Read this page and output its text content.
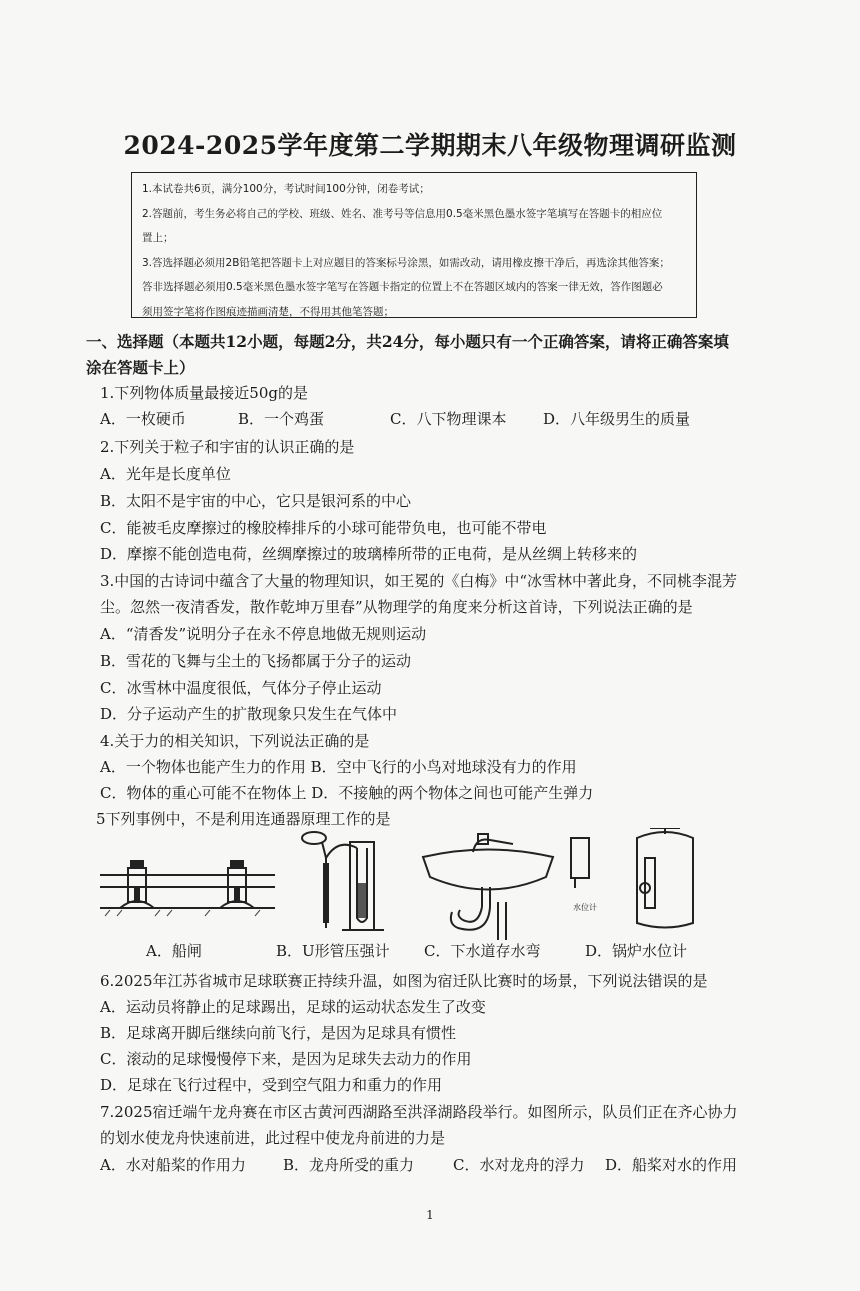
2024-2025学年度第二学期期末八年级物理调研监测
1.本试卷共6页，满分100分，考试时间100分钟，闭卷考试；
2.答题前，考生务必将自己的学校、班级、姓名、准考号等信息用0.5毫米黑色墨水签字笔填写在答题卡的相应位
置上；
3.答选择题必须用2B铅笔把答题卡上对应题目的答案标号涂黑，如需改动，请用橡皮擦干净后，再选涂其他答案；
答非选择题必须用0.5毫米黑色墨水签字笔写在答题卡指定的位置上不在答题区域内的答案一律无效，答作图题必
须用签字笔将作图痕迹描画清楚，不得用其他笔答题；
一、选择题（本题共12小题，每题2分，共24分，每小题只有一个正确答案，请将正确答案填
涂在答题卡上）
1.下列物体质量最接近50g的是
A．一枚硬币	B．一个鸡蛋	C．八下物理课本 D．八年级男生的质量
2.下列关于粒子和宇宙的认识正确的是
A．光年是长度单位
B．太阳不是宇宙的中心，它只是银河系的中心
C．能被毛皮摩擦过的橡胶棒排斥的小球可能带负电，也可能不带电
D．摩擦不能创造电荷，丝绸摩擦过的玻璃棒所带的正电荷，是从丝绸上转移来的
3.中国的古诗词中蕴含了大量的物理知识，如王冕的《白梅》中“冰雪林中著此身，不同桃李混芳
尘。忽然一夜清香发，散作乾坤万里春”从物理学的角度来分析这首诗，下列说法正确的是
A．“清香发”说明分子在永不停息地做无规则运动
B．雪花的飞舞与尘土的飞扬都属于分子的运动
C．冰雪林中温度很低，气体分子停止运动
D．分子运动产生的扩散现象只发生在气体中
4.关于力的相关知识，下列说法正确的是
A．一个物体也能产生力的作用 B．空中飞行的小鸟对地球没有力的作用
C．物体的重心可能不在物体上 D．不接触的两个物体之间也可能产生弹力
5下列事例中，不是利用连通器原理工作的是
水位计
A．船闸	B．U形管压强计 C．下水道存水弯	D．锅炉水位计
6.2025年江苏省城市足球联赛正持续升温，如图为宿迁队比赛时的场景，下列说法错误的是
A．运动员将静止的足球踢出，足球的运动状态发生了改变
B．足球离开脚后继续向前飞行，是因为足球具有惯性
C．滚动的足球慢慢停下来，是因为足球失去动力的作用
D．足球在飞行过程中，受到空气阻力和重力的作用
7.2025宿迁端午龙舟赛在市区古黄河西湖路至洪泽湖路段举行。如图所示，队员们正在齐心协力
的划水使龙舟快速前进，此过程中使龙舟前进的力是
A．水对船桨的作用力 B．龙舟所受的重力	C．水对龙舟的浮力 D．船桨对水的作用
1
